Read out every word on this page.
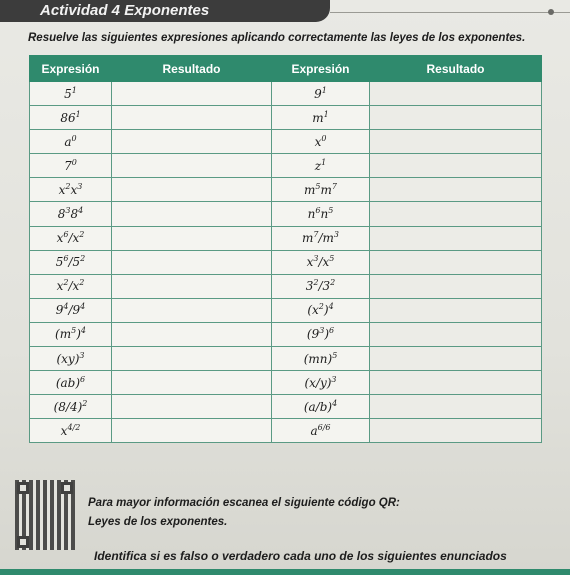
Actividad 4 Exponentes
Resuelve las siguientes expresiones aplicando correctamente las leyes de los exponentes.
Expresión	Resultado	Expresión	Resultado
$5^1$		$9^1$	
$86^1$		$m^1$	
$a^0$		$x^0$	
$7^0$		$z^1$	
$x^2x^3$		$m^5m^7$	
$8^38^4$		$n^6n^5$	
$x^6/x^2$		$m^7/m^3$	
$5^6/5^2$		$x^3/x^5$	
$x^2/x^2$		$3^2/3^2$	
$9^4/9^4$		$(x^2)^4$	
$(m^5)^4$		$(9^3)^6$	
(xy)$^3$		(mn)$^5$	
(ab)$^6$		$(x/y)^3$	
$(8/4)^2$		$(a/b)^4$	
$x^{4/2}$		$a^{6/6}$	
Para mayor información escanea el siguiente código QR:
Leyes de los exponentes.
Identifica si es falso o verdadero cada uno de los siguientes enunciados
